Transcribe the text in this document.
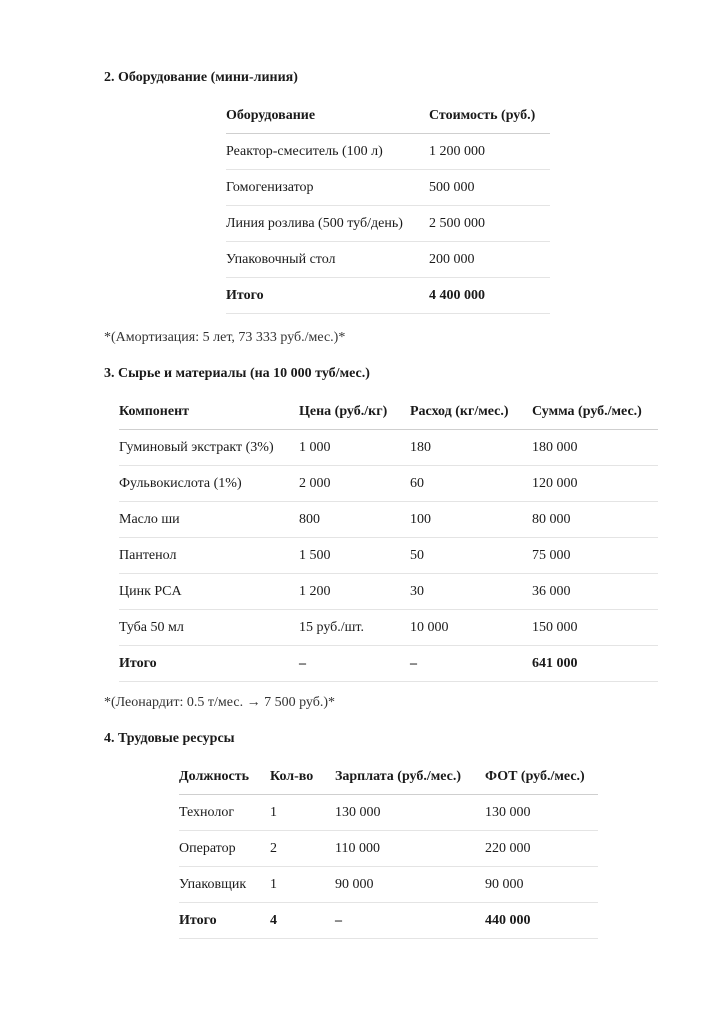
2. Оборудование (мини-линия)
Оборудование	Стоимость (руб.)
Реактор-смеситель (100 л)	1 200 000
Гомогенизатор	500 000
Линия розлива (500 туб/день)	2 500 000
Упаковочный стол	200 000
Итого	4 400 000

*(Амортизация: 5 лет, 73 333 руб./мес.)*

3. Сырье и материалы (на 10 000 туб/мес.)
Компонент	Цена (руб./кг)	Расход (кг/мес.)	Сумма (руб./мес.)
Гуминовый экстракт (3%)	1 000	180	180 000
Фульвокислота (1%)	2 000	60	120 000
Масло ши	800	100	80 000
Пантенол	1 500	50	75 000
Цинк PCA	1 200	30	36 000
Туба 50 мл	15 руб./шт.	10 000	150 000
Итого	–	–	641 000

*(Леонардит: 0.5 т/мес. → 7 500 руб.)*

4. Трудовые ресурсы
Должность	Кол-во	Зарплата (руб./мес.)	ФОТ (руб./мес.)
Технолог	1	130 000	130 000
Оператор	2	110 000	220 000
Упаковщик	1	90 000	90 000
Итого	4	–	440 000
